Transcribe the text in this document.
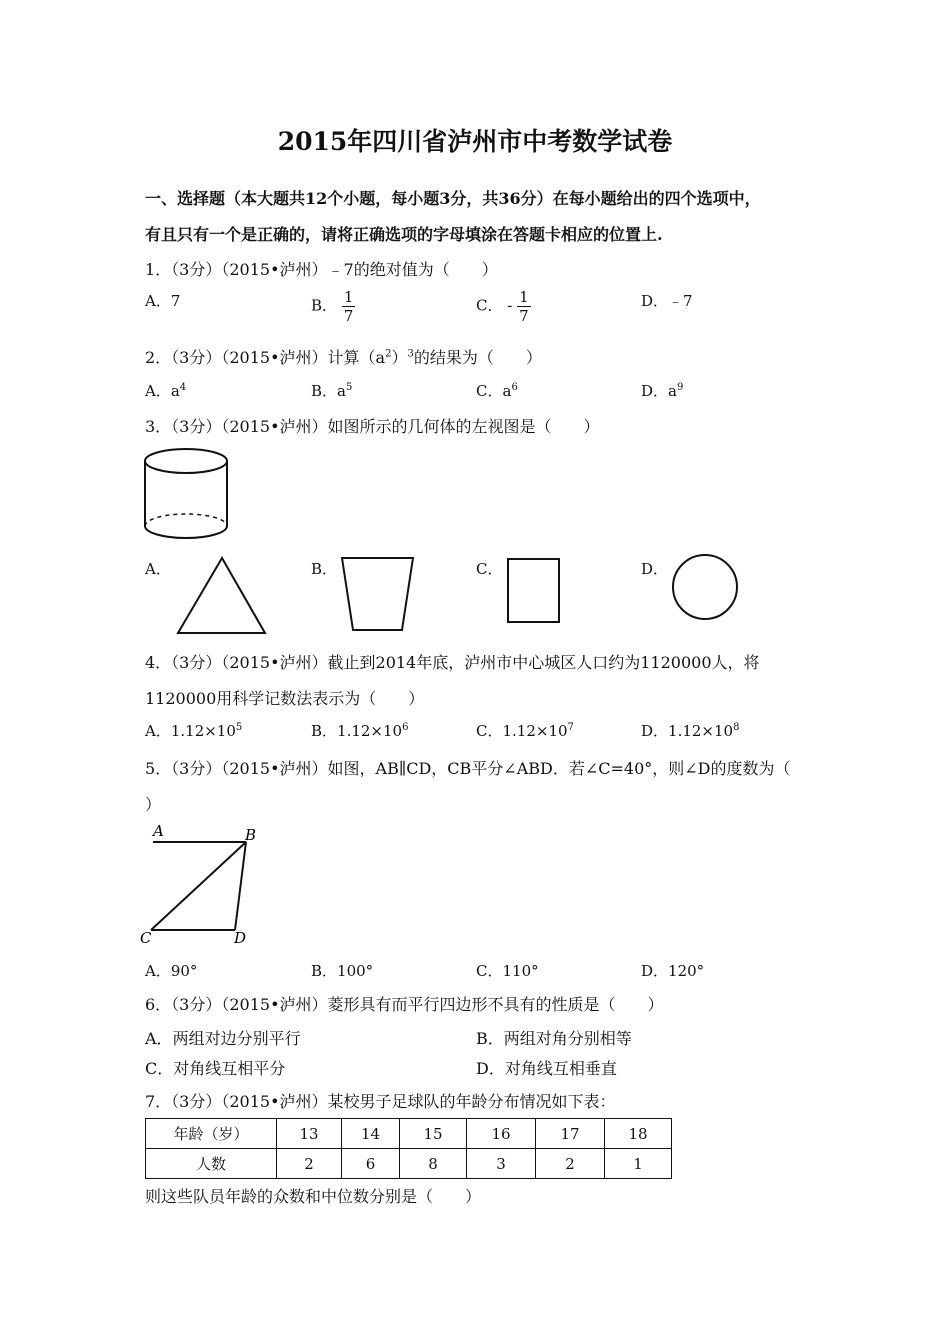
2015年四川省泸州市中考数学试卷
一、选择题（本大题共12个小题，每小题3分，共36分）在每小题给出的四个选项中，
有且只有一个是正确的，请将正确选项的字母填涂在答题卡相应的位置上.
1．（3分）（2015•泸州）﹣7的绝对值为（　　）
A．7	B． $\frac{1}{7}$	C． - $\frac{1}{7}$	D．﹣7
2．（3分）（2015•泸州）计算$(a^2)^3$的结果为（　　）
A．$a^4$	B．$a^5$	C．$a^6$	D．$a^9$
3．（3分）（2015•泸州）如图所示的几何体的左视图是（　　）
A．	B．	C．	D．
4．（3分）（2015•泸州）截止到2014年底，泸州市中心城区人口约为1120000人，将
1120000用科学记数法表示为（　　）
A．$1.12\times 10^5$	B．$1.12\times 10^6$	C．$1.12\times 10^7$	D．$1.12\times 10^8$
5．（3分）（2015•泸州）如图，AB∥CD，CB平分∠ABD．若∠C=40°，则∠D的度数为（
）
A	B
C	D
A．90°	B．100°	C．110°	D．120°
6．（3分）（2015•泸州）菱形具有而平行四边形不具有的性质是（　　）
A．两组对边分别平行	B．两组对角分别相等
C．对角线互相平分	D．对角线互相垂直
7．（3分）（2015•泸州）某校男子足球队的年龄分布情况如下表：
年龄（岁）	13	14	15	16	17	18
人数	2	6	8	3	2	1
则这些队员年龄的众数和中位数分别是（　　）
